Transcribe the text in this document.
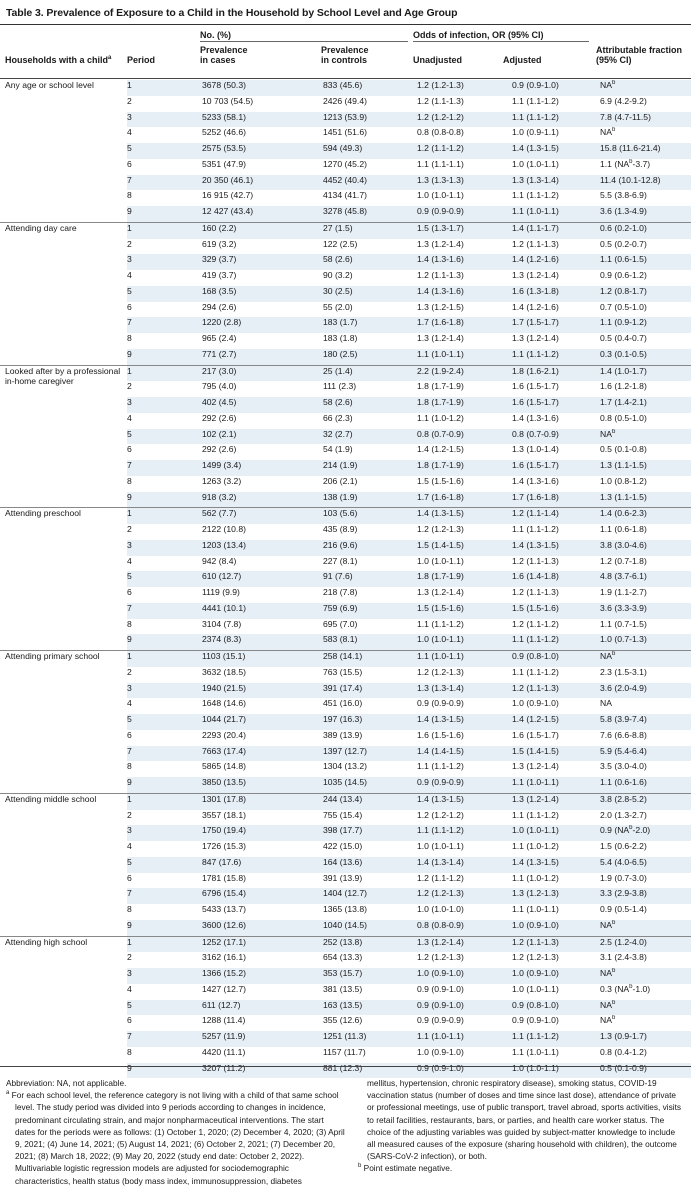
Table 3. Prevalence of Exposure to a Child in the Household by School Level and Age Group
No. (%)	Odds of infection, OR (95% CI)
Households with a child$^a$ Period
Prevalence
in cases
Prevalence
in controls	Unadjusted	Adjusted
Attributable fraction
(95% CI)
Any age or school level	1	3678 (50.3)	833 (45.6)	1.2 (1.2-1.3)	0.9 (0.9-1.0)	$NA^b$
	2	10 703 (54.5)	2426 (49.4)	1.2 (1.1-1.3)	1.1 (1.1-1.2)	6.9 (4.2-9.2)
	3	5233 (58.1)	1213 (53.9)	1.2 (1.2-1.2)	1.1 (1.1-1.2)	7.8 (4.7-11.5)
	4	5252 (46.6)	1451 (51.6)	0.8 (0.8-0.8)	1.0 (0.9-1.1)	$NA^b$
	5	2575 (53.5)	594 (49.3)	1.2 (1.1-1.2)	1.4 (1.3-1.5)	15.8 (11.6-21.4)
	6	5351 (47.9)	1270 (45.2)	1.1 (1.1-1.1)	1.0 (1.0-1.1)	1.1 $(NA^b-3.7)$
	7	20 350 (46.1)	4452 (40.4)	1.3 (1.3-1.3)	1.3 (1.3-1.4)	11.4 (10.1-12.8)
	8	16 915 (42.7)	4134 (41.7)	1.0 (1.0-1.1)	1.1 (1.1-1.2)	5.5 (3.8-6.9)
	9	12 427 (43.4)	3278 (45.8)	0.9 (0.9-0.9)	1.1 (1.0-1.1)	3.6 (1.3-4.9)
Attending day care	1	160 (2.2)	27 (1.5)	1.5 (1.3-1.7)	1.4 (1.1-1.7)	0.6 (0.2-1.0)
	2	619 (3.2)	122 (2.5)	1.3 (1.2-1.4)	1.2 (1.1-1.3)	0.5 (0.2-0.7)
	3	329 (3.7)	58 (2.6)	1.4 (1.3-1.6)	1.4 (1.2-1.6)	1.1 (0.6-1.5)
	4	419 (3.7)	90 (3.2)	1.2 (1.1-1.3)	1.3 (1.2-1.4)	0.9 (0.6-1.2)
	5	168 (3.5)	30 (2.5)	1.4 (1.3-1.6)	1.6 (1.3-1.8)	1.2 (0.8-1.7)
	6	294 (2.6)	55 (2.0)	1.3 (1.2-1.5)	1.4 (1.2-1.6)	0.7 (0.5-1.0)
	7	1220 (2.8)	183 (1.7)	1.7 (1.6-1.8)	1.7 (1.5-1.7)	1.1 (0.9-1.2)
	8	965 (2.4)	183 (1.8)	1.3 (1.2-1.4)	1.3 (1.2-1.4)	0.5 (0.4-0.7)
	9	771 (2.7)	180 (2.5)	1.1 (1.0-1.1)	1.1 (1.1-1.2)	0.3 (0.1-0.5)
Looked after by a professional in-home caregiver	1	217 (3.0)	25 (1.4)	2.2 (1.9-2.4)	1.8 (1.6-2.1)	1.4 (1.0-1.7)
	2	795 (4.0)	111 (2.3)	1.8 (1.7-1.9)	1.6 (1.5-1.7)	1.6 (1.2-1.8)
	3	402 (4.5)	58 (2.6)	1.8 (1.7-1.9)	1.6 (1.5-1.7)	1.7 (1.4-2.1)
	4	292 (2.6)	66 (2.3)	1.1 (1.0-1.2)	1.4 (1.3-1.6)	0.8 (0.5-1.0)
	5	102 (2.1)	32 (2.7)	0.8 (0.7-0.9)	0.8 (0.7-0.9)	$NA^b$
	6	292 (2.6)	54 (1.9)	1.4 (1.2-1.5)	1.3 (1.0-1.4)	0.5 (0.1-0.8)
	7	1499 (3.4)	214 (1.9)	1.8 (1.7-1.9)	1.6 (1.5-1.7)	1.3 (1.1-1.5)
	8	1263 (3.2)	206 (2.1)	1.5 (1.5-1.6)	1.4 (1.3-1.6)	1.0 (0.8-1.2)
	9	918 (3.2)	138 (1.9)	1.7 (1.6-1.8)	1.7 (1.6-1.8)	1.3 (1.1-1.5)
Attending preschool	1	562 (7.7)	103 (5.6)	1.4 (1.3-1.5)	1.2 (1.1-1.4)	1.4 (0.6-2.3)
	2	2122 (10.8)	435 (8.9)	1.2 (1.2-1.3)	1.1 (1.1-1.2)	1.1 (0.6-1.8)
	3	1203 (13.4)	216 (9.6)	1.5 (1.4-1.5)	1.4 (1.3-1.5)	3.8 (3.0-4.6)
	4	942 (8.4)	227 (8.1)	1.0 (1.0-1.1)	1.2 (1.1-1.3)	1.2 (0.7-1.8)
	5	610 (12.7)	91 (7.6)	1.8 (1.7-1.9)	1.6 (1.4-1.8)	4.8 (3.7-6.1)
	6	1119 (9.9)	218 (7.8)	1.3 (1.2-1.4)	1.2 (1.1-1.3)	1.9 (1.1-2.7)
	7	4441 (10.1)	759 (6.9)	1.5 (1.5-1.6)	1.5 (1.5-1.6)	3.6 (3.3-3.9)
	8	3104 (7.8)	695 (7.0)	1.1 (1.1-1.2)	1.2 (1.1-1.2)	1.1 (0.7-1.5)
	9	2374 (8.3)	583 (8.1)	1.0 (1.0-1.1)	1.1 (1.1-1.2)	1.0 (0.7-1.3)
Attending primary school	1	1103 (15.1)	258 (14.1)	1.1 (1.0-1.1)	0.9 (0.8-1.0)	$NA^b$
	2	3632 (18.5)	763 (15.5)	1.2 (1.2-1.3)	1.1 (1.1-1.2)	2.3 (1.5-3.1)
	3	1940 (21.5)	391 (17.4)	1.3 (1.3-1.4)	1.2 (1.1-1.3)	3.6 (2.0-4.9)
	4	1648 (14.6)	451 (16.0)	0.9 (0.9-0.9)	1.0 (0.9-1.0)	NA
	5	1044 (21.7)	197 (16.3)	1.4 (1.3-1.5)	1.4 (1.2-1.5)	5.8 (3.9-7.4)
	6	2293 (20.4)	389 (13.9)	1.6 (1.5-1.6)	1.6 (1.5-1.7)	7.6 (6.6-8.8)
	7	7663 (17.4)	1397 (12.7)	1.4 (1.4-1.5)	1.5 (1.4-1.5)	5.9 (5.4-6.4)
	8	5865 (14.8)	1304 (13.2)	1.1 (1.1-1.2)	1.3 (1.2-1.4)	3.5 (3.0-4.0)
	9	3850 (13.5)	1035 (14.5)	0.9 (0.9-0.9)	1.1 (1.0-1.1)	1.1 (0.6-1.6)
Attending middle school	1	1301 (17.8)	244 (13.4)	1.4 (1.3-1.5)	1.3 (1.2-1.4)	3.8 (2.8-5.2)
	2	3557 (18.1)	755 (15.4)	1.2 (1.2-1.2)	1.1 (1.1-1.2)	2.0 (1.3-2.7)
	3	1750 (19.4)	398 (17.7)	1.1 (1.1-1.2)	1.0 (1.0-1.1)	0.9 $(NA^b-2.0)$
	4	1726 (15.3)	422 (15.0)	1.0 (1.0-1.1)	1.1 (1.0-1.2)	1.5 (0.6-2.2)
	5	847 (17.6)	164 (13.6)	1.4 (1.3-1.4)	1.4 (1.3-1.5)	5.4 (4.0-6.5)
	6	1781 (15.8)	391 (13.9)	1.2 (1.1-1.2)	1.1 (1.0-1.2)	1.9 (0.7-3.0)
	7	6796 (15.4)	1404 (12.7)	1.2 (1.2-1.3)	1.3 (1.2-1.3)	3.3 (2.9-3.8)
	8	5433 (13.7)	1365 (13.8)	1.0 (1.0-1.0)	1.1 (1.0-1.1)	0.9 (0.5-1.4)
	9	3600 (12.6)	1040 (14.5)	0.8 (0.8-0.9)	1.0 (0.9-1.0)	$NA^b$
Attending high school	1	1252 (17.1)	252 (13.8)	1.3 (1.2-1.4)	1.2 (1.1-1.3)	2.5 (1.2-4.0)
	2	3162 (16.1)	654 (13.3)	1.2 (1.2-1.3)	1.2 (1.2-1.3)	3.1 (2.4-3.8)
	3	1366 (15.2)	353 (15.7)	1.0 (0.9-1.0)	1.0 (0.9-1.0)	$NA^b$
	4	1427 (12.7)	381 (13.5)	0.9 (0.9-1.0)	1.0 (1.0-1.1)	0.3 $(NA^b-1.0)$
	5	611 (12.7)	163 (13.5)	0.9 (0.9-1.0)	0.9 (0.8-1.0)	$NA^b$
	6	1288 (11.4)	355 (12.6)	0.9 (0.9-0.9)	0.9 (0.9-1.0)	$NA^b$
	7	5257 (11.9)	1251 (11.3)	1.1 (1.0-1.1)	1.1 (1.1-1.2)	1.3 (0.9-1.7)
	8	4420 (11.1)	1157 (11.7)	1.0 (0.9-1.0)	1.1 (1.0-1.1)	0.8 (0.4-1.2)
	9	3207 (11.2)	881 (12.3)	0.9 (0.9-1.0)	1.0 (1.0-1.1)	0.5 (0.1-0.9)

Abbreviation: NA, not applicable.

$^a$ For each school level, the reference category is not living with a child of that same school level. The study period was divided into 9 periods according to changes in incidence, predominant circulating strain, and major nonpharmaceutical interventions. The start dates for the periods were as follows: (1) October 1, 2020; (2) December 4, 2020; (3) April 9, 2021; (4) June 14, 2021; (5) August 14, 2021; (6) October 2, 2021; (7) December 20, 2021; (8) March 18, 2022; (9) May 20, 2022 (study end date: October 2, 2022). Multivariable logistic regression models are adjusted for sociodemographic characteristics, health status (body mass index, immunosuppression, diabetes

mellitus, hypertension, chronic respiratory disease), smoking status, COVID-19 vaccination status (number of doses and time since last dose), attendance of private or professional meetings, use of public transport, travel abroad, sports activities, visits to retail facilities, restaurants, bars, or parties, and health care worker status. The choice of the adjusting variables was guided by subject-matter knowledge to include all measured causes of the exposure (sharing household with children), the outcome (SARS-CoV-2 infection), or both.

$^b$ Point estimate negative.
